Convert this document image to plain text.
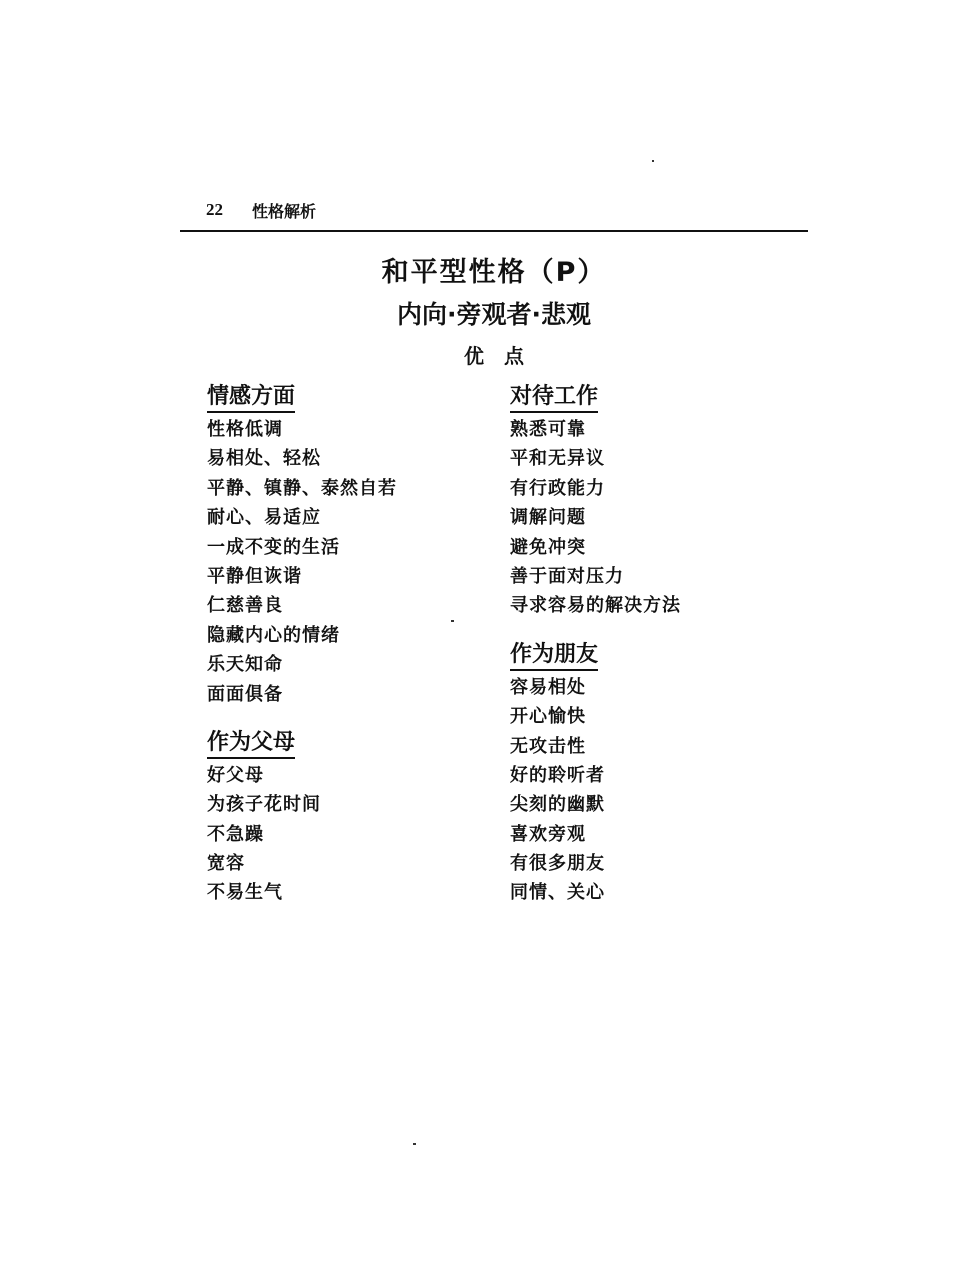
22 性格解析
和平型性格（P）
内向·旁观者·悲观
优　点
情感方面
性格低调
易相处、轻松
平静、镇静、泰然自若
耐心、易适应
一成不变的生活
平静但诙谐
仁慈善良
隐藏内心的情绪
乐天知命
面面俱备
作为父母
好父母
为孩子花时间
不急躁
宽容
不易生气
对待工作
熟悉可靠
平和无异议
有行政能力
调解问题
避免冲突
善于面对压力
寻求容易的解决方法
作为朋友
容易相处
开心愉快
无攻击性
好的聆听者
尖刻的幽默
喜欢旁观
有很多朋友
同情、关心
